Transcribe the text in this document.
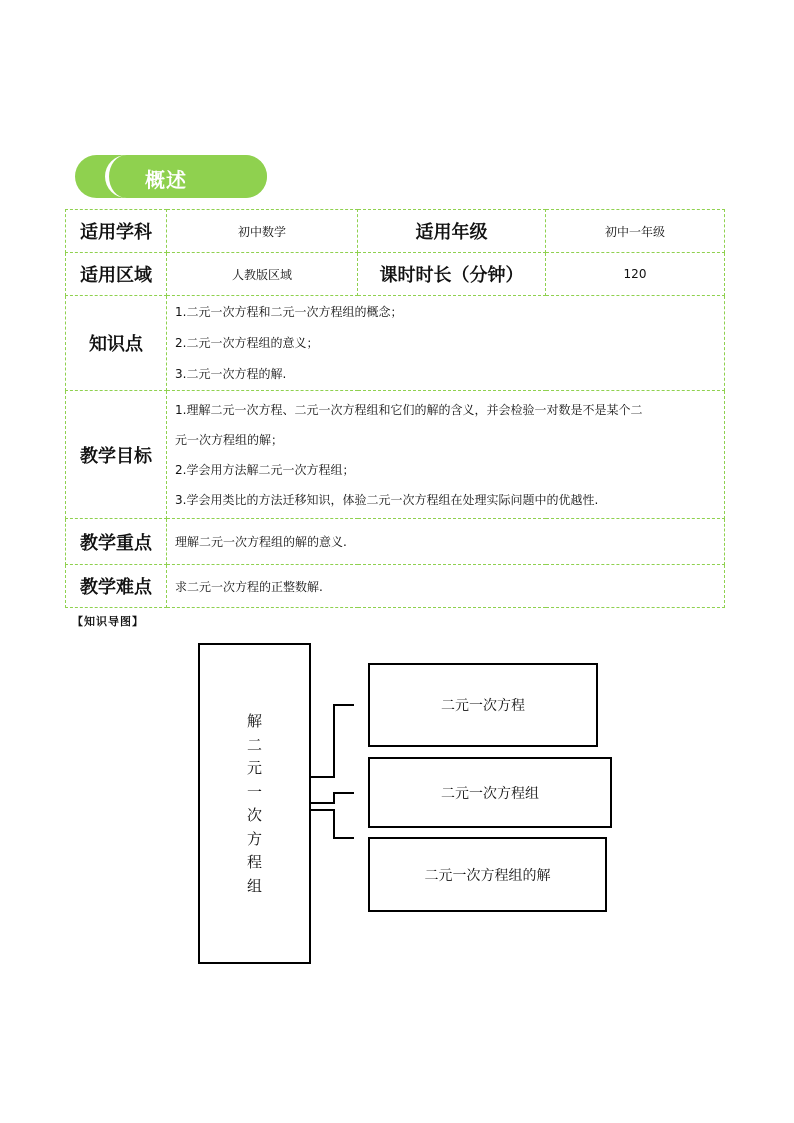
概述
适用学科	初中数学	适用年级	初中一年级
适用区域	人教版区域	课时时长（分钟）	120
知识点	1.二元一次方程和二元一次方程组的概念；

2.二元一次方程组的意义；

3.二元一次方程的解.		

教学目标	1.理解二元一次方程、二元一次方程组和它们的解的含义，并会检验一对数是不是某个二

元一次方程组的解；

2.学会用方法解二元一次方程组；

3.学会用类比的方法迁移知识，体验二元一次方程组在处理实际问题中的优越性.		

教学重点	理解二元一次方程组的解的意义.		
教学难点	求二元一次方程的正整数解.		
【知识导图】
解
二
元
一
次
方
程
组
二元一次方程
二元一次方程组
二元一次方程组的解
